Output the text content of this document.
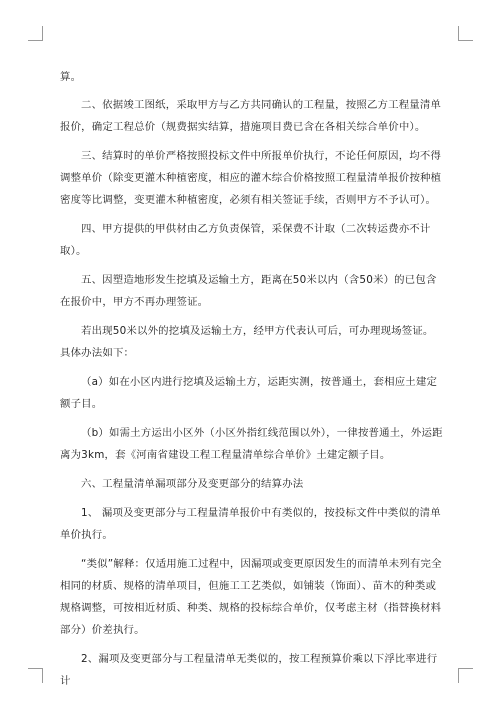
算。

二、依据竣工图纸，采取甲方与乙方共同确认的工程量，按照乙方工程量清单报价，确定工程总价（规费据实结算，措施项目费已含在各相关综合单价中）。

三、结算时的单价严格按照投标文件中所报单价执行，不论任何原因，均不得调整单价（除变更灌木种植密度，相应的灌木综合价格按照工程量清单报价按种植密度等比调整，变更灌木种植密度，必须有相关签证手续，否则甲方不予认可）。

四、甲方提供的甲供材由乙方负责保管，采保费不计取（二次转运费亦不计取）。

五、因塑造地形发生挖填及运输土方，距离在50米以内（含50米）的已包含在报价中，甲方不再办理签证。

若出现50米以外的挖填及运输土方，经甲方代表认可后，可办理现场签证。具体办法如下：

（a）如在小区内进行挖填及运输土方，运距实测，按普通土，套相应土建定额子目。

（b）如需土方运出小区外（小区外指红线范围以外），一律按普通土，外运距离为3km，套《河南省建设工程工程量清单综合单价》土建定额子目。

六、工程量清单漏项部分及变更部分的结算办法

1、 漏项及变更部分与工程量清单报价中有类似的，按投标文件中类似的清单单价执行。

“类似”解释：仅适用施工过程中，因漏项或变更原因发生的而清单未列有完全相同的材质、规格的清单项目，但施工工艺类似，如铺装（饰面）、苗木的种类或规格调整，可按相近材质、种类、规格的投标综合单价，仅考虑主材（指替换材料部分）价差执行。

2、漏项及变更部分与工程量清单无类似的，按工程预算价乘以下浮比率进行计
